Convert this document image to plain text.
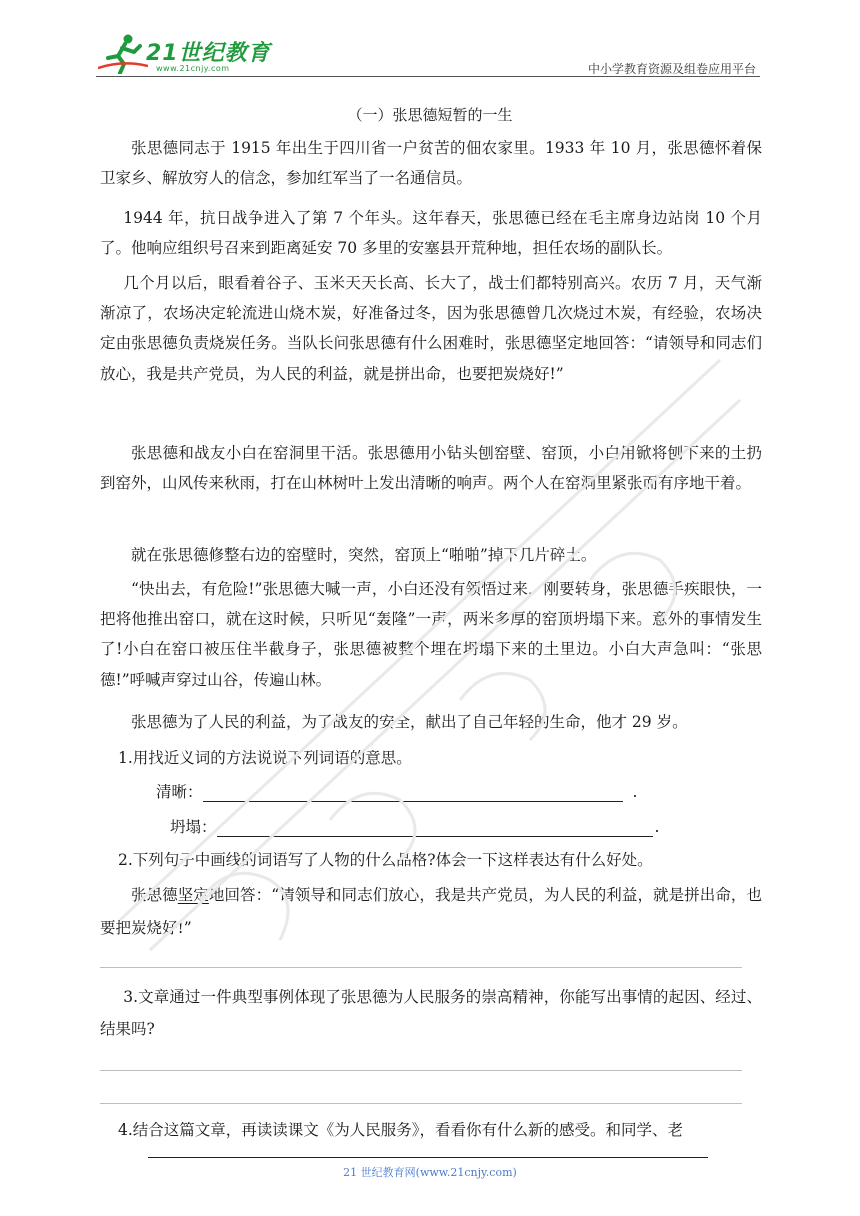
21世纪教育
www.21cnjy.com	中小学教育资源及组卷应用平台
（一）张思德短暂的一生

张思德同志于 1915 年出生于四川省一户贫苦的佃农家里。1933 年 10 月，张思德怀着保卫家乡、解放穷人的信念，参加红军当了一名通信员。

1944 年，抗日战争进入了第 7 个年头。这年春天，张思德已经在毛主席身边站岗 10 个月了。他响应组织号召来到距离延安 70 多里的安塞县开荒种地，担任农场的副队长。

几个月以后，眼看着谷子、玉米天天长高、长大了，战士们都特别高兴。农历 7 月，天气渐渐凉了，农场决定轮流进山烧木炭，好准备过冬，因为张思德曾几次烧过木炭，有经验，农场决定由张思德负责烧炭任务。当队长问张思德有什么困难时，张思德坚定地回答：“请领导和同志们放心，我是共产党员，为人民的利益，就是拼出命，也要把炭烧好!”

张思德和战友小白在窑洞里干活。张思德用小钻头刨窑壁、窑顶，小白用锨将刨下来的土扔到窑外，山风传来秋雨，打在山林树叶上发出清晰的响声。两个人在窑洞里紧张而有序地干着。

就在张思德修整右边的窑壁时，突然，窑顶上“啪啪”掉下几片碎土。

“快出去，有危险!”张思德大喊一声，小白还没有领悟过来，刚要转身，张思德手疾眼快，一把将他推出窑口，就在这时候，只听见“轰隆”一声，两米多厚的窑顶坍塌下来。意外的事情发生了!小白在窑口被压住半截身子，张思德被整个埋在坍塌下来的土里边。小白大声急叫：“张思德!”呼喊声穿过山谷，传遍山林。

张思德为了人民的利益，为了战友的安全，献出了自己年轻的生命，他才 29 岁。

1.用找近义词的方法说说下列词语的意思。

清晰：	.
坍塌：	.

2.下列句子中画线的词语写了人物的什么品格?体会一下这样表达有什么好处。

张思德坚定地回答：“请领导和同志们放心，我是共产党员，为人民的利益，就是拼出命，也要把炭烧好!”

3.文章通过一件典型事例体现了张思德为人民服务的崇高精神，你能写出事情的起因、经过、结果吗?

4.结合这篇文章，再读读课文《为人民服务》，看看你有什么新的感受。和同学、老

21 世纪教育网(www.21cnjy.com)
